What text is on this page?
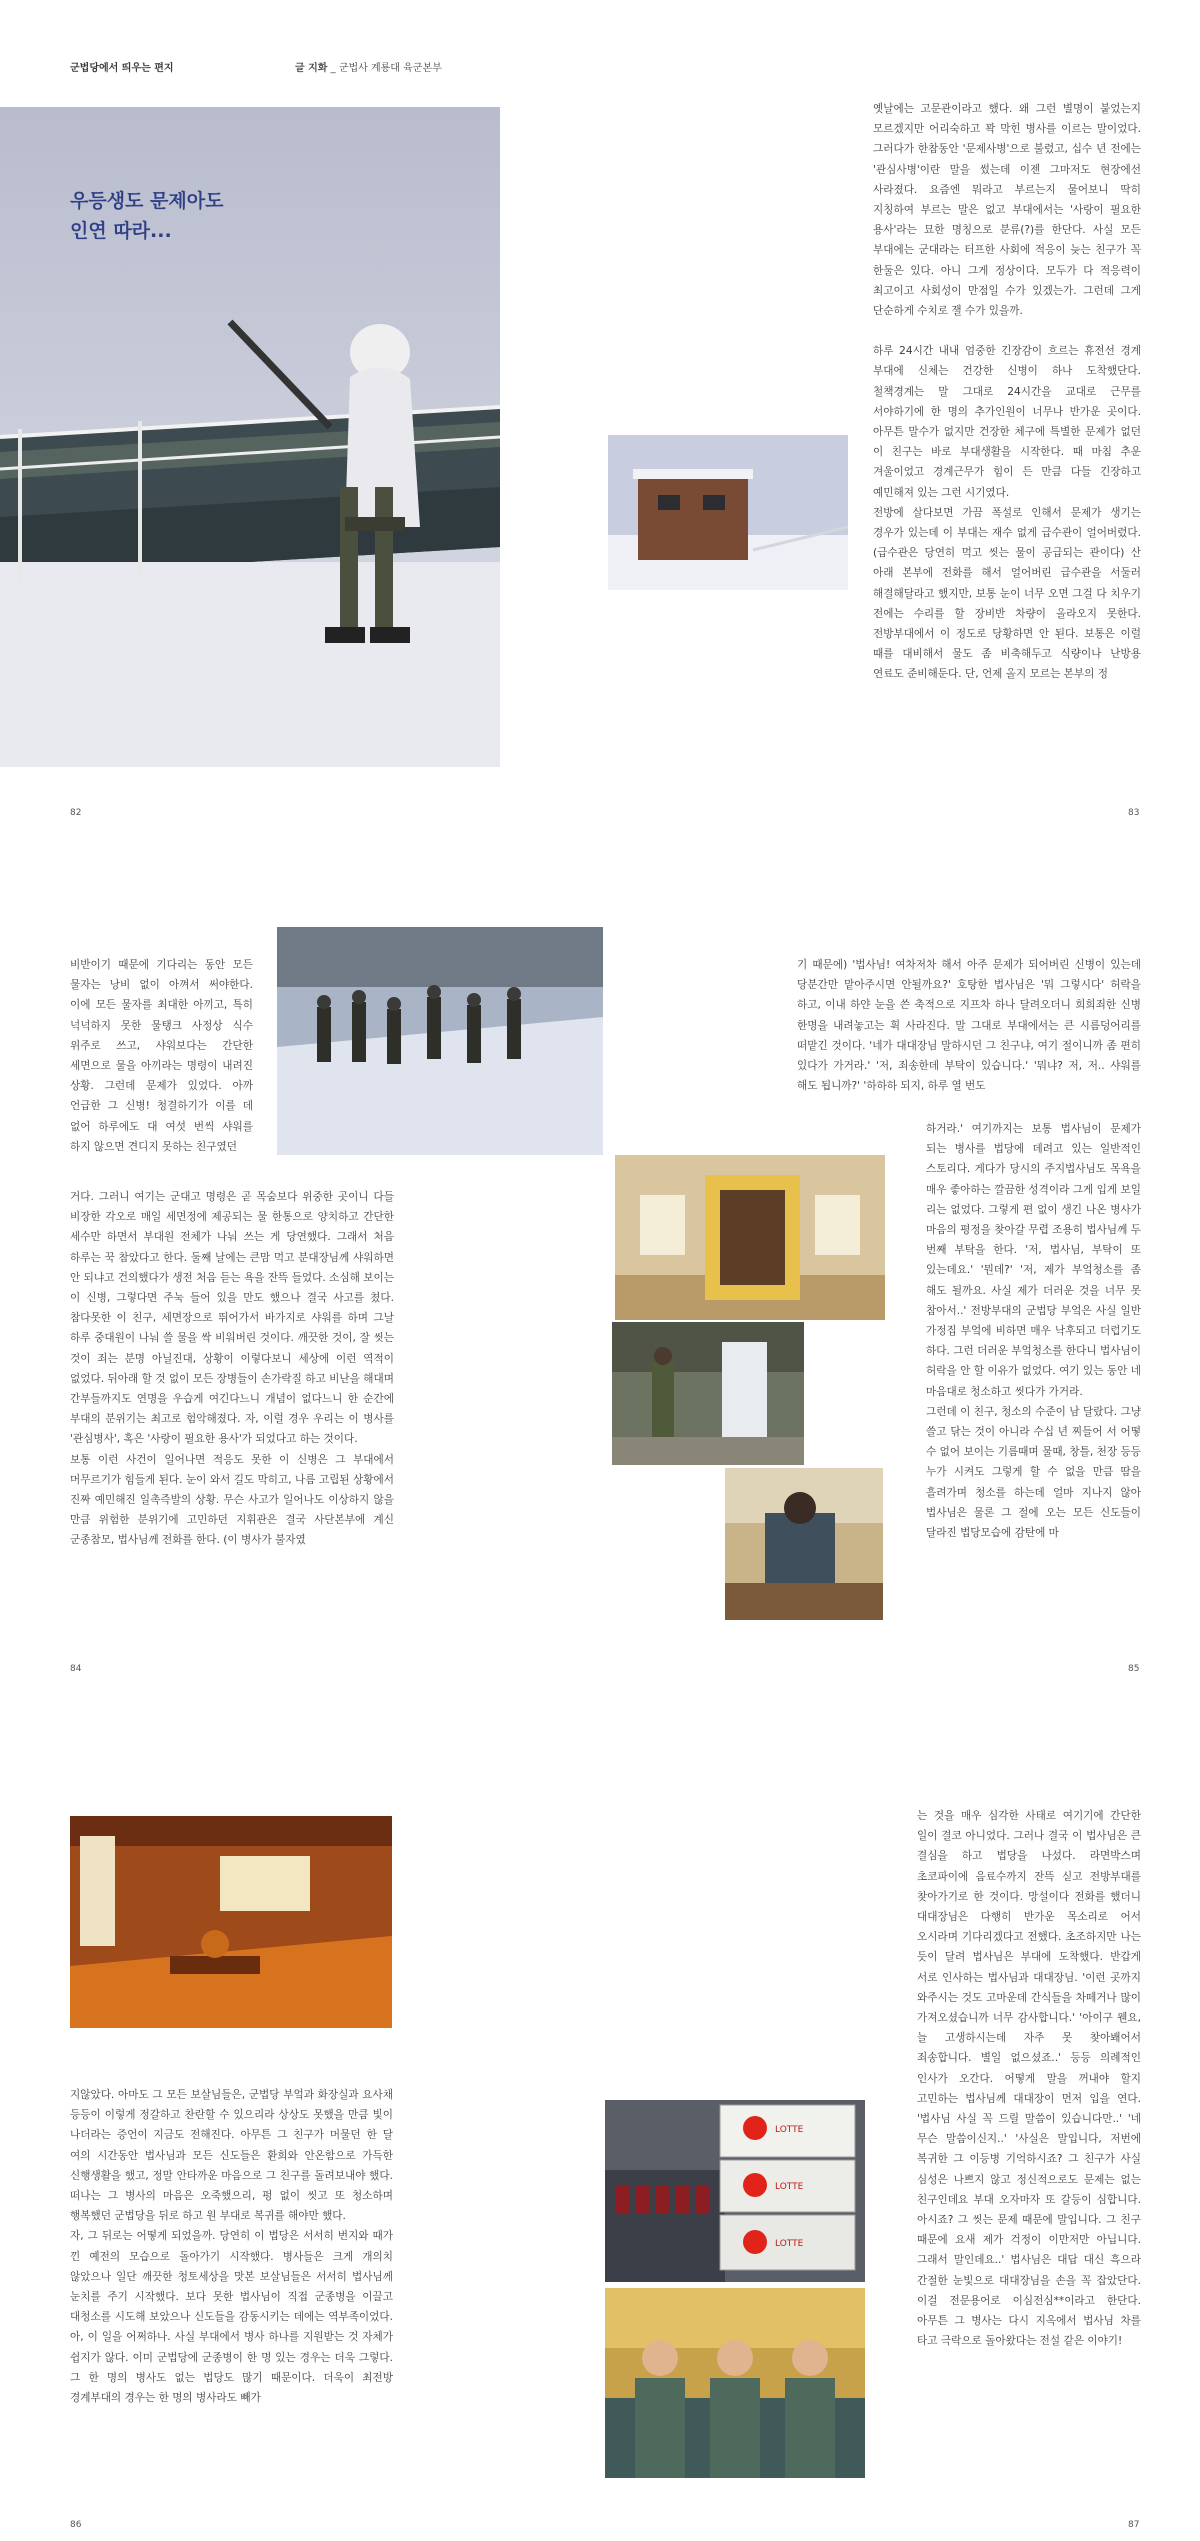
군법당에서 띄우는 편지	글 지화 _ 군법사 계룡대 육군본부
우등생도 문제아도
인연 따라...

옛날에는 고문관이라고 했다. 왜 그런 별명이 붙었는지 모르겠지만 어리숙하고 꽉 막힌 병사를 이르는 말이었다. 그러다가 한참동안 '문제사병'으로 불렸고, 십수 년 전에는 '관심사병'이란 말을 썼는데 이젠 그마저도 현장에선 사라졌다. 요즘엔 뭐라고 부르는지 물어보니 딱히 지칭하여 부르는 말은 없고 부대에서는 '사랑이 필요한 용사'라는 묘한 명칭으로 분류(?)를 한단다. 사실 모든 부대에는 군대라는 터프한 사회에 적응이 늦는 친구가 꼭 한둘은 있다. 아니 그게 정상이다. 모두가 다 적응력이 최고이고 사회성이 만점일 수가 있겠는가. 그런데 그게 단순하게 수치로 잴 수가 있을까.

하루 24시간 내내 엄중한 긴장감이 흐르는 휴전선 경계 부대에 신체는 건강한 신병이 하나 도착했단다. 철책경계는 말 그대로 24시간을 교대로 근무를 서야하기에 한 명의 추가인원이 너무나 반가운 곳이다. 아무튼 말수가 없지만 건장한 체구에 특별한 문제가 없던 이 친구는 바로 부대생활을 시작한다. 때 마침 추운 겨울이었고 경계근무가 힘이 든 만큼 다들 긴장하고 예민해져 있는 그런 시기였다.

전방에 살다보면 가끔 폭설로 인해서 문제가 생기는 경우가 있는데 이 부대는 재수 없게 급수관이 얼어버렸다. (급수관은 당연히 먹고 씻는 물이 공급되는 관이다) 산 아래 본부에 전화를 해서 얼어버린 급수관을 서둘러 해결해달라고 했지만, 보통 눈이 너무 오면 그걸 다 치우기 전에는 수리를 할 장비반 차량이 올라오지 못한다. 전방부대에서 이 정도로 당황하면 안 된다. 보통은 이럴 때를 대비해서 물도 좀 비축해두고 식량이나 난방용 연료도 준비해둔다. 단, 언제 올지 모르는 본부의 정

82	83

비반이기 때문에 기다리는 동안 모든 물자는 낭비 없이 아껴서 써야한다. 이에 모든 물자를 최대한 아끼고, 특히 넉넉하지 못한 물탱크 사정상 식수 위주로 쓰고, 샤워보다는 간단한 세면으로 물을 아끼라는 명령이 내려진 상황. 그런데 문제가 있었다. 아까 언급한 그 신병! 청결하기가 이를 데 없어 하루에도 대 여섯 번씩 샤워를 하지 않으면 견디지 못하는 친구였던

거다. 그러니 여기는 군대고 명령은 곧 목숨보다 위중한 곳이니 다들 비장한 각오로 매일 세면정에 제공되는 물 한통으로 양치하고 간단한 세수만 하면서 부대원 전체가 나눠 쓰는 게 당연했다. 그래서 처음 하루는 꾹 참았다고 한다. 둘째 날에는 큰맘 먹고 분대장님께 샤워하면 안 되냐고 건의했다가 생전 처음 듣는 욕을 잔뜩 들었다. 소심해 보이는 이 신병, 그렇다면 주눅 들어 있을 만도 했으나 결국 사고를 쳤다. 참다못한 이 친구, 세면장으로 뛰어가서 바가지로 샤워를 하며 그날 하루 중대원이 나눠 쓸 물을 싹 비워버린 것이다. 깨끗한 것이, 잘 씻는 것이 죄는 분명 아닐진대, 상황이 이렇다보니 세상에 이런 역적이 없었다. 뒤아래 할 것 없이 모든 장병들이 손가락질 하고 비난을 해대며 간부들까지도 연명을 우습게 여긴다느니 개념이 없다느니 한 순간에 부대의 분위기는 최고로 험악해졌다. 자, 이럴 경우 우리는 이 병사를 '관심병사', 혹은 '사랑이 필요한 용사'가 되었다고 하는 것이다.

보통 이런 사건이 일어나면 적응도 못한 이 신병은 그 부대에서 머무르기가 힘들게 된다. 눈이 와서 길도 막히고, 나름 고립된 상황에서 진짜 예민해진 일촉즉발의 상황. 무슨 사고가 일어나도 이상하지 않을 만큼 위험한 분위기에 고민하던 지휘관은 결국 사단본부에 계신 군종참모, 법사님께 전화를 한다. (이 병사가 불자였

기 때문에) '법사님! 여차저차 해서 아주 문제가 되어버린 신병이 있는데 당분간만 맡아주시면 안될까요?' 호탕한 법사님은 '뭐 그렇시다' 허락을 하고, 이내 하얀 눈을 쓴 축적으로 지프차 하나 달려오더니 희희죄한 신병 한명을 내려놓고는 휙 사라진다. 말 그대로 부대에서는 큰 시름덩어리를 떠맡긴 것이다. '네가 대대장님 말하시던 그 친구냐, 여기 절이니까 좀 편히 있다가 가거라.' '저, 죄송한데 부탁이 있습니다.' '뭐냐? 저, 저.. 샤워를 해도 됩니까?' '하하하 되지, 하루 열 번도

하거라.' 여기까지는 보통 법사님이 문제가 되는 병사를 법당에 데려고 있는 일반적인 스토리다. 게다가 당시의 주지법사님도 목욕을 매우 좋아하는 깔끔한 성격이라 그게 입게 보일 리는 없었다. 그렇게 편 없이 생긴 나온 병사가 마음의 평정을 찾아갈 무렵 조용히 법사님께 두 번째 부탁을 한다. '저, 법사님, 부탁이 또 있는데요.' '뭔데?' '저, 제가 부엌청소를 좀 해도 될까요. 사실 제가 더러운 것을 너무 못 참아서..' 전방부대의 군법당 부엌은 사실 일반 가정집 부엌에 비하면 매우 낙후되고 더럽기도 하다. 그런 더러운 부엌청소를 한다니 법사님이 허락을 안 할 이유가 없었다. 여기 있는 동안 네 마음대로 청소하고 씻다가 가거라.

그런데 이 친구, 청소의 수준이 남 달랐다. 그냥 쓸고 닦는 것이 아니라 수십 년 찌들어 서 어떻 수 없어 보이는 기름때며 물때, 창틀, 천장 등등 누가 시켜도 그렇게 할 수 없을 만큼 땀을 흘려가며 청소를 하는데 얼마 지나지 않아 법사님은 물론 그 절에 오는 모든 신도들이 달라진 법당모습에 감탄에 마

84	85

지않았다. 아마도 그 모든 보살님들은, 군법당 부엌과 화장실과 요사채 등등이 이렇게 정갈하고 찬란할 수 있으리라 상상도 못했을 만큼 빛이 나더라는 증언이 지금도 전해진다. 아무튼 그 친구가 머물던 한 달 여의 시간동안 법사님과 모든 신도들은 환희와 안온함으로 가득한 신행생활을 했고, 정말 안타까운 마음으로 그 친구를 돌려보내야 했다. 떠나는 그 병사의 마음은 오죽했으리, 펑 없이 씻고 또 청소하며 행복했던 군법당을 뒤로 하고 원 부대로 복귀를 해야만 했다.

자, 그 뒤로는 어떻게 되었을까. 당연히 이 법당은 서서히 번지와 때가 낀 예전의 모습으로 돌아가기 시작했다. 병사들은 크게 개의치 않았으나 일단 깨끗한 청토세상을 맛본 보살님들은 서서히 법사님께 눈치를 주기 시작했다. 보다 못한 법사님이 직접 군종병을 이끌고 대청소를 시도해 보았으나 신도들을 감동시키는 데에는 역부족이었다. 아, 이 일을 어쩌하나. 사실 부대에서 병사 하나를 지원받는 것 자체가 쉽지가 않다. 이미 군법당에 군종병이 한 명 있는 경우는 더욱 그렇다. 그 한 명의 병사도 없는 법당도 많기 때문이다. 더욱이 최전방 경계부대의 경우는 한 명의 병사라도 빼가

LOTTE
LOTTE
LOTTE

는 것을 매우 심각한 사태로 여기기에 간단한 일이 결코 아니었다. 그러나 결국 이 법사님은 큰 결심을 하고 법당을 나섰다. 라면박스며 초코파이에 음료수까지 잔뜩 싣고 전방부대를 찾아가기로 한 것이다. 망설이다 전화를 했더니 대대장님은 다행히 반가운 목소리로 어서 오시라며 기다리겠다고 전했다. 초조하지만 나는 듯이 달려 법사님은 부대에 도착했다. 반갑게 서로 인사하는 법사님과 대대장님. '이런 곳까지 와주시는 것도 고마운데 간식들을 차떼거나 많이 가져오셨습니까 너무 감사합니다.' '아이구 웬요, 늘 고생하시는데 자주 못 찾아봬어서 죄송합니다. 별일 없으셨죠..' 등등 의례적인 인사가 오간다. 어떻게 말을 꺼내야 할지 고민하는 법사님께 대대장이 먼저 입을 연다. '법사님 사실 꼭 드릴 말씀이 있습니다만..' '네 무슨 말씀이신지..' '사실은 말입니다, 저번에 복귀한 그 이등병 기억하시죠? 그 친구가 사실 심성은 나쁘지 않고 정신적으로도 문제는 없는 친구인데요 부대 오자마자 또 갈등이 심합니다. 아시죠? 그 씻는 문제 때문에 말입니다. 그 친구 때문에 요새 제가 걱정이 이만저만 아닙니다. 그래서 말인데요..' 법사님은 대답 대신 흑으라 간절한 눈빛으로 대대장님을 손을 꼭 잡았단다. 이걸 전문용어로 이심전심**이라고 한단다. 아무튼 그 병사는 다시 지옥에서 법사님 차를 타고 극락으로 돌아왔다는 전설 같은 이야기!

86	87
